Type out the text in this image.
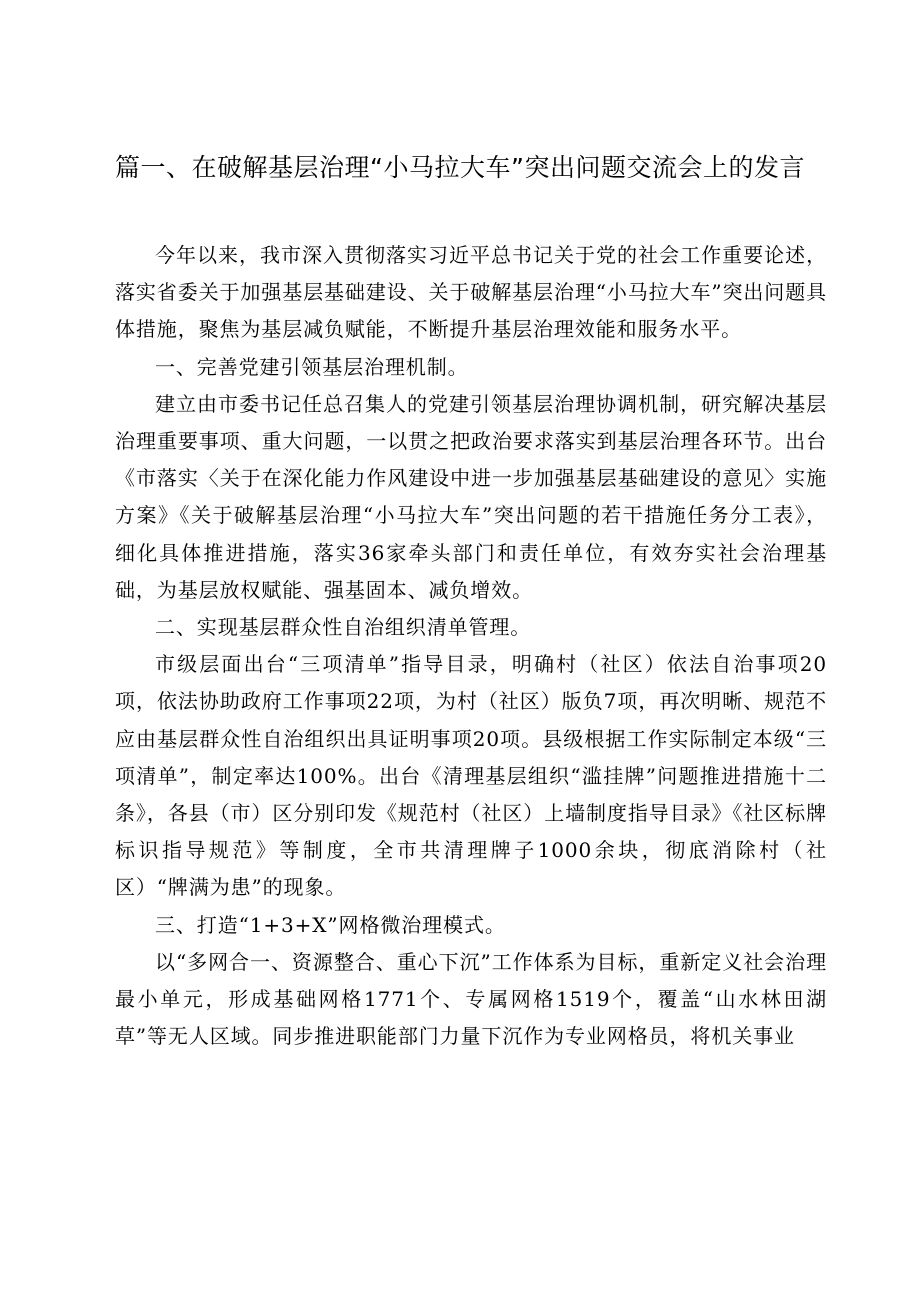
篇一、在破解基层治理“小马拉大车”突出问题交流会上的发言

今年以来，我市深入贯彻落实习近平总书记关于党的社会工作重要论述，落实省委关于加强基层基础建设、关于破解基层治理“小马拉大车”突出问题具体措施，聚焦为基层减负赋能，不断提升基层治理效能和服务水平。

一、完善党建引领基层治理机制。

建立由市委书记任总召集人的党建引领基层治理协调机制，研究解决基层治理重要事项、重大问题，一以贯之把政治要求落实到基层治理各环节。出台《市落实〈关于在深化能力作风建设中进一步加强基层基础建设的意见〉实施方案》《关于破解基层治理“小马拉大车”突出问题的若干措施任务分工表》，细化具体推进措施，落实36家牵头部门和责任单位，有效夯实社会治理基础，为基层放权赋能、强基固本、减负增效。

二、实现基层群众性自治组织清单管理。

市级层面出台“三项清单”指导目录，明确村（社区）依法自治事项20项，依法协助政府工作事项22项，为村（社区）版负7项，再次明晰、规范不应由基层群众性自治组织出具证明事项20项。县级根据工作实际制定本级“三项清单”，制定率达100%。出台《清理基层组织“滥挂牌”问题推进措施十二条》，各县（市）区分别印发《规范村（社区）上墙制度指导目录》《社区标牌标识指导规范》等制度，全市共清理牌子1000余块，彻底消除村（社区）“牌满为患”的现象。

三、打造“1+3+X”网格微治理模式。

以“多网合一、资源整合、重心下沉”工作体系为目标，重新定义社会治理最小单元，形成基础网格1771个、专属网格1519个，覆盖“山水林田湖草”等无人区域。同步推进职能部门力量下沉作为专业网格员，将机关事业
